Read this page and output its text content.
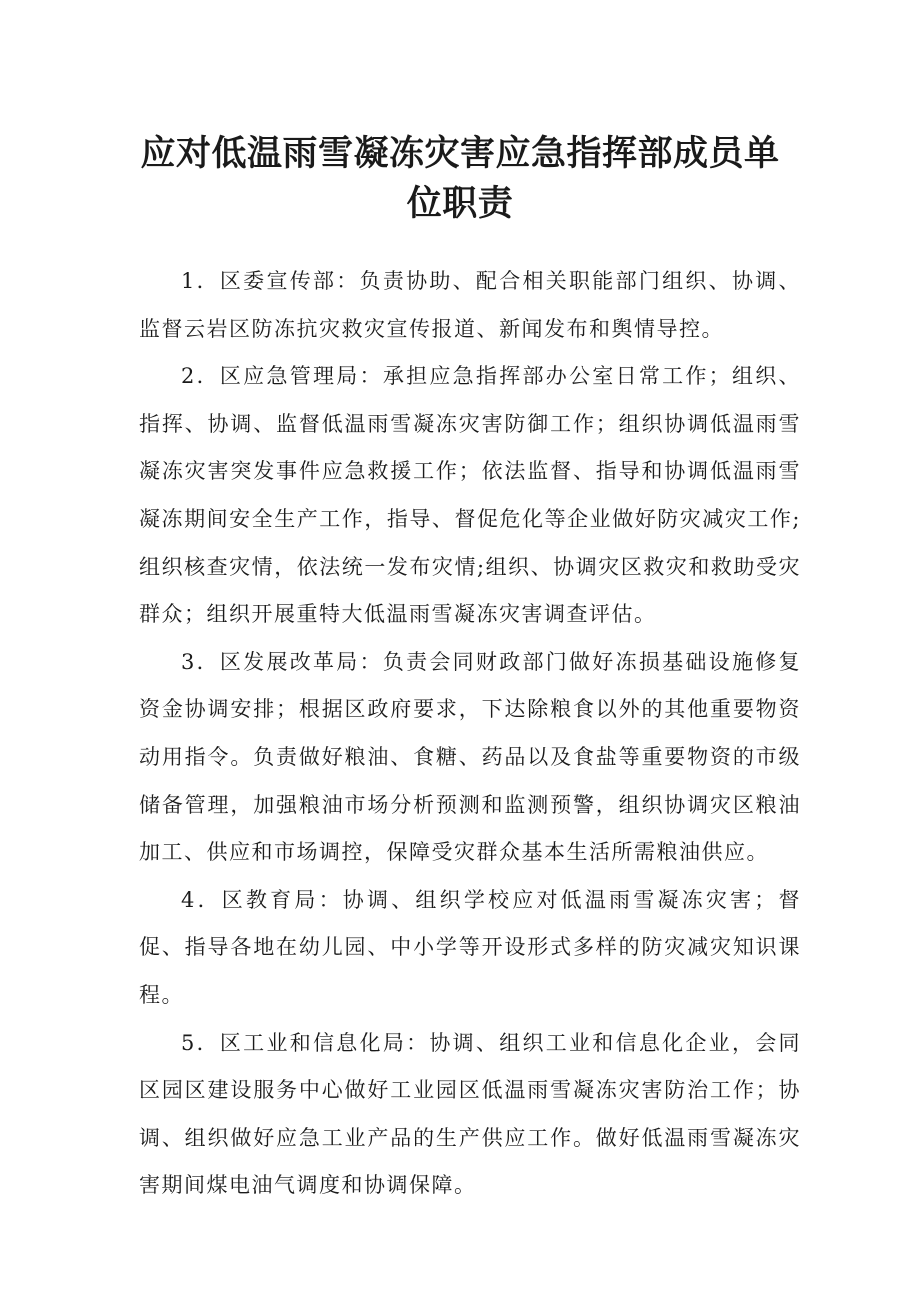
应对低温雨雪凝冻灾害应急指挥部成员单
位职责

1．区委宣传部：负责协助、配合相关职能部门组织、协调、监督云岩区防冻抗灾救灾宣传报道、新闻发布和舆情导控。

2．区应急管理局：承担应急指挥部办公室日常工作；组织、指挥、协调、监督低温雨雪凝冻灾害防御工作；组织协调低温雨雪凝冻灾害突发事件应急救援工作；依法监督、指导和协调低温雨雪凝冻期间安全生产工作，指导、督促危化等企业做好防灾减灾工作;组织核查灾情，依法统一发布灾情;组织、协调灾区救灾和救助受灾群众；组织开展重特大低温雨雪凝冻灾害调查评估。

3．区发展改革局：负责会同财政部门做好冻损基础设施修复资金协调安排；根据区政府要求，下达除粮食以外的其他重要物资动用指令。负责做好粮油、食糖、药品以及食盐等重要物资的市级储备管理，加强粮油市场分析预测和监测预警，组织协调灾区粮油加工、供应和市场调控，保障受灾群众基本生活所需粮油供应。

4．区教育局：协调、组织学校应对低温雨雪凝冻灾害；督促、指导各地在幼儿园、中小学等开设形式多样的防灾减灾知识课程。

5．区工业和信息化局：协调、组织工业和信息化企业，会同区园区建设服务中心做好工业园区低温雨雪凝冻灾害防治工作；协调、组织做好应急工业产品的生产供应工作。做好低温雨雪凝冻灾害期间煤电油气调度和协调保障。
